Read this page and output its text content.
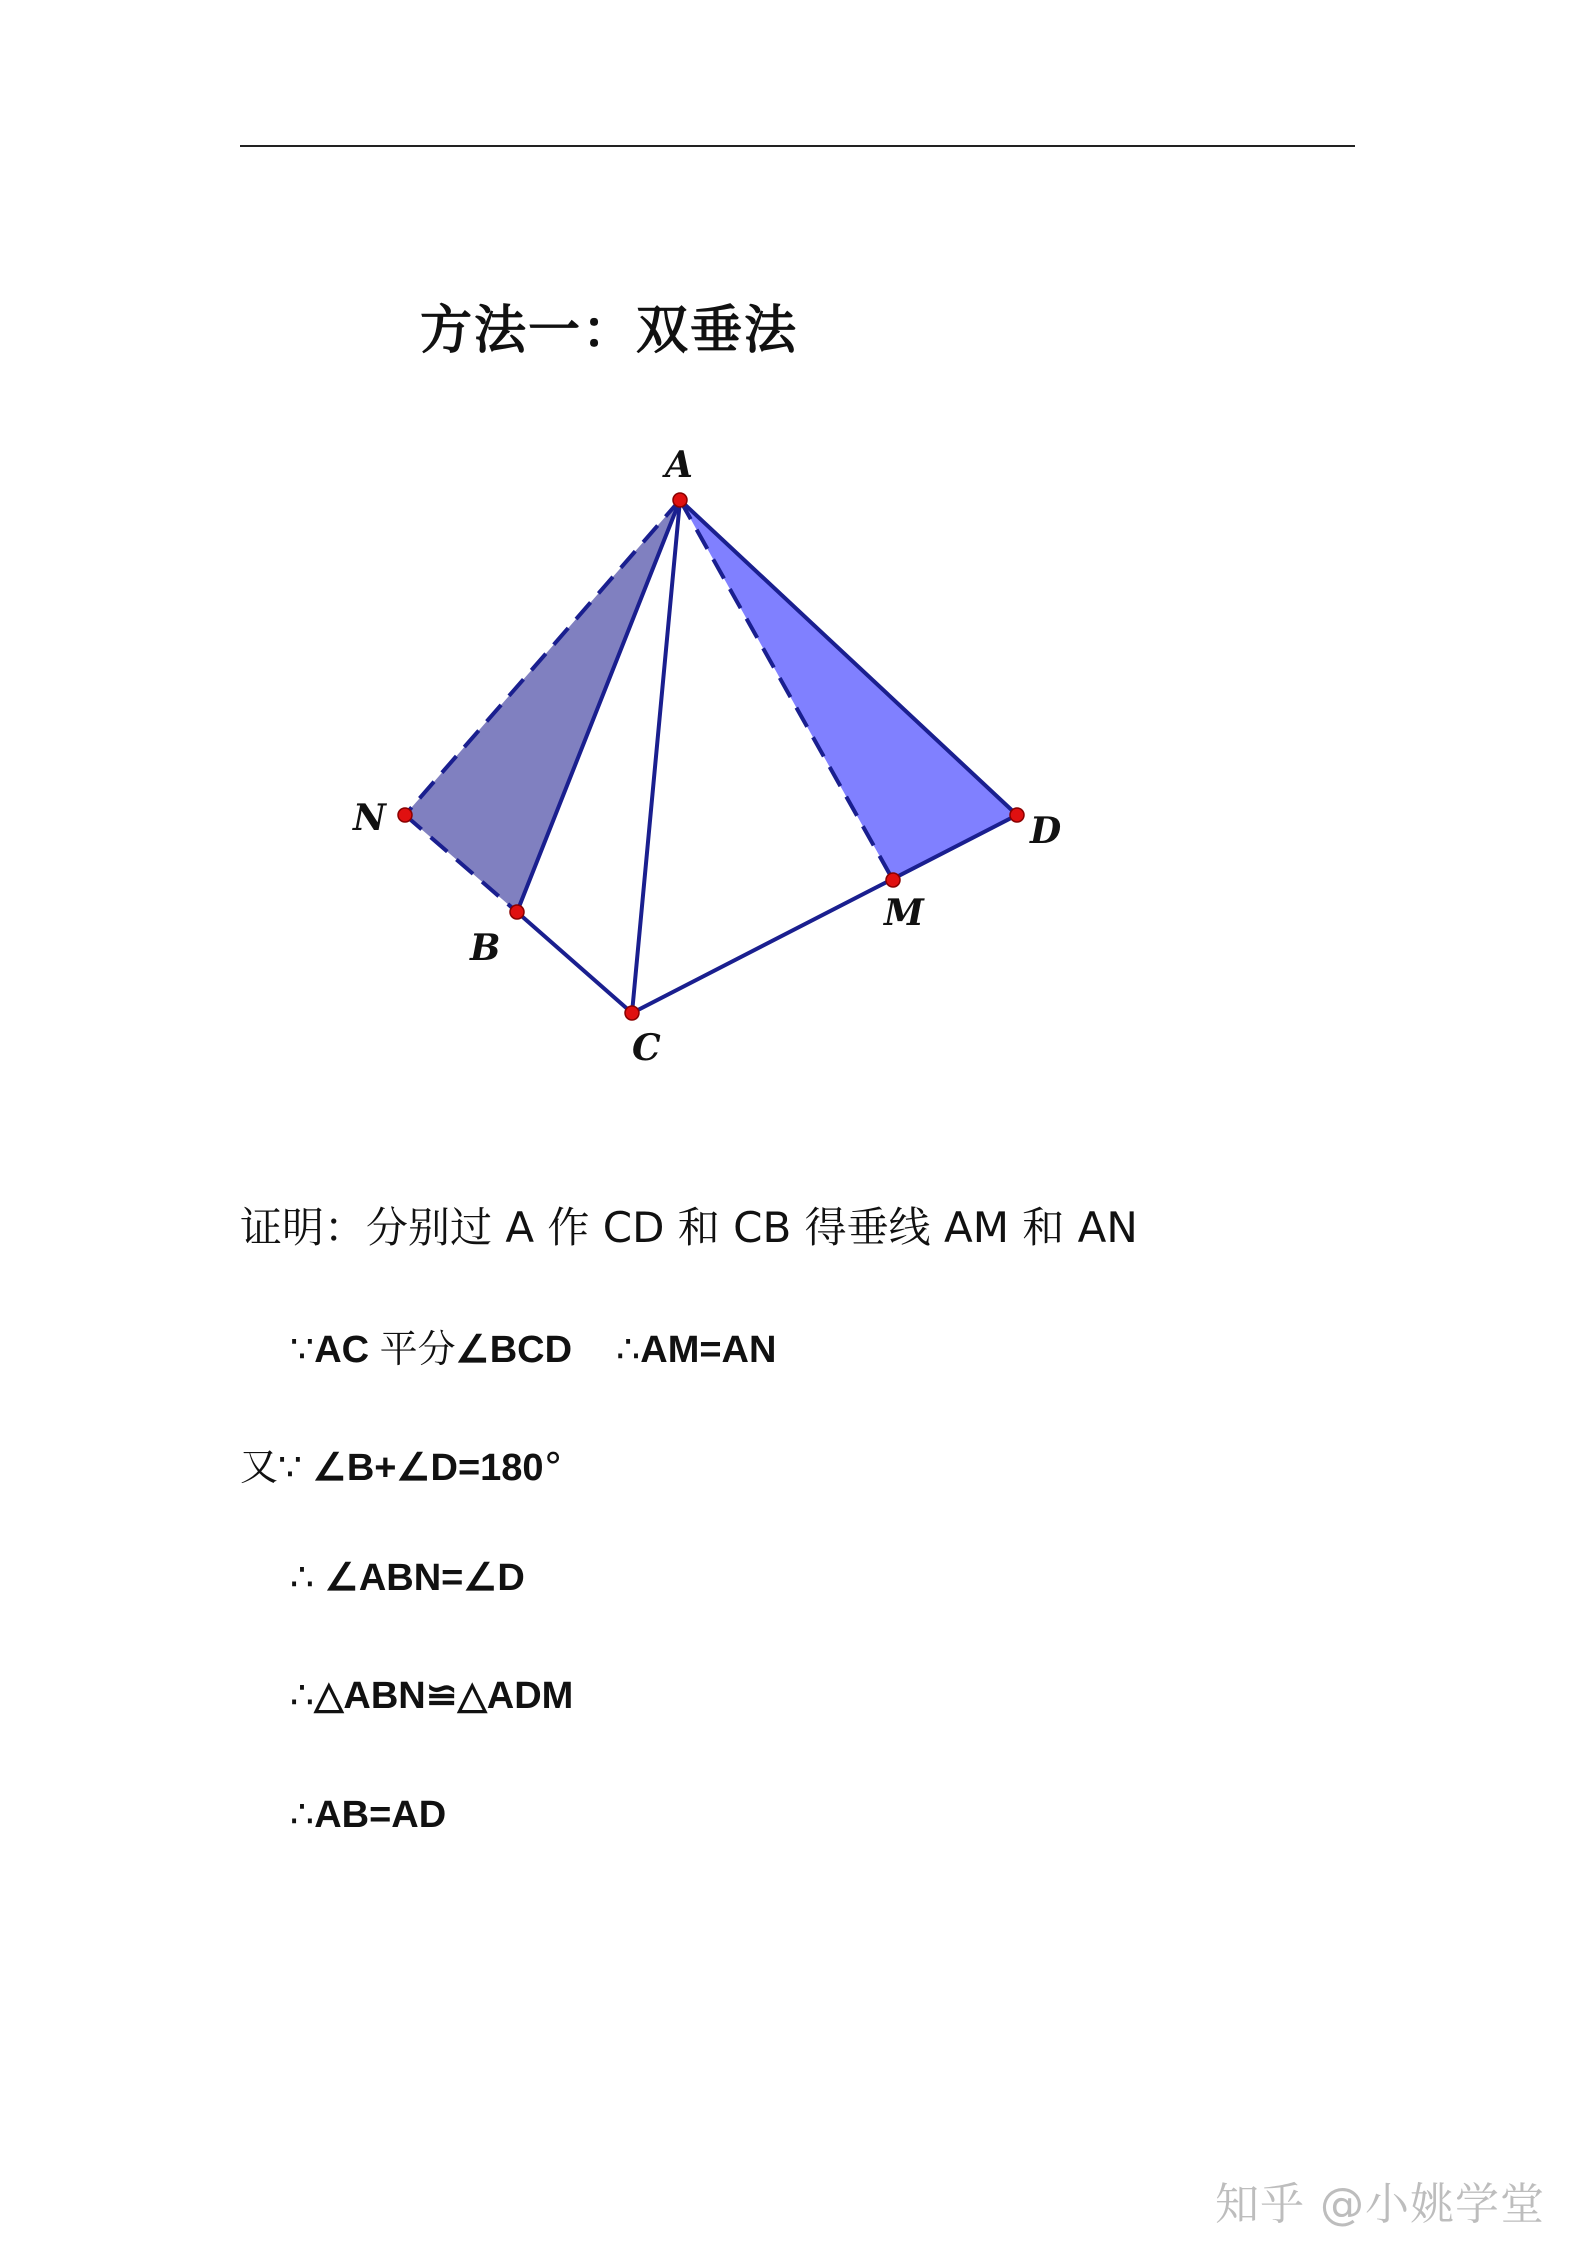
方法一：双垂法
A
N
B
C
M
D
证明：分别过 A 作 CD 和 CB 得垂线 AM 和 AN
∵AC 平分∠BCD ∴AM=AN
又∵ ∠B+∠D=180°
∴ ∠ABN=∠D
∴△ABN≌△ADM
∴AB=AD
知乎 @小姚学堂
